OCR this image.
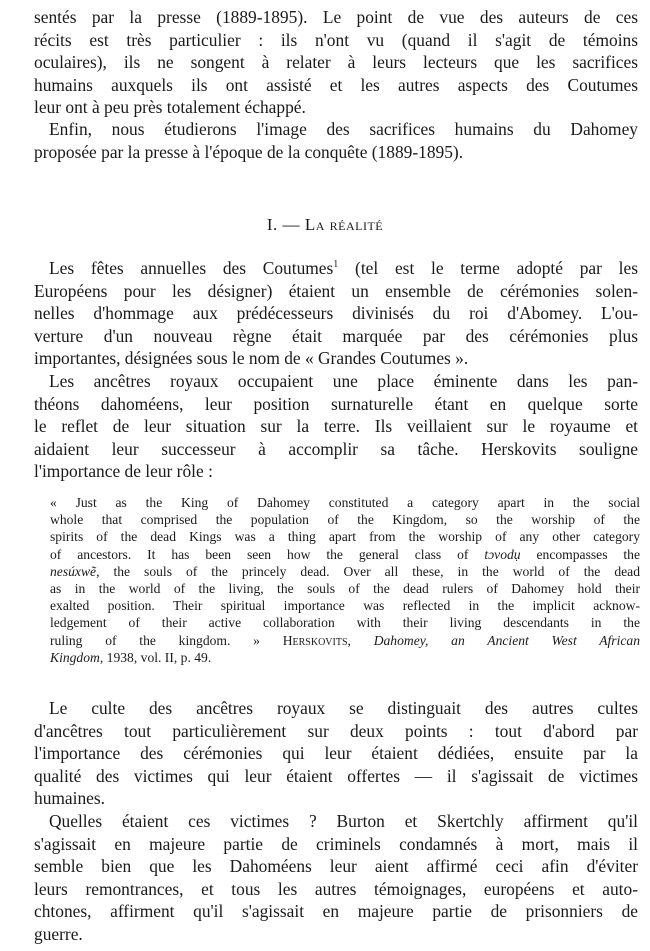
sentés par la presse (1889-1895). Le point de vue des auteurs de ces
récits est très particulier : ils n'ont vu (quand il s'agit de témoins
oculaires), ils ne songent à relater à leurs lecteurs que les sacrifices
humains auxquels ils ont assisté et les autres aspects des Coutumes
leur ont à peu près totalement échappé.
Enfin, nous étudierons l'image des sacrifices humains du Dahomey
proposée par la presse à l'époque de la conquête (1889-1895).
I. — La réalité
Les fêtes annuelles des Coutumes$^1$ (tel est le terme adopté par les
Européens pour les désigner) étaient un ensemble de cérémonies solen-
nelles d'hommage aux prédécesseurs divinisés du roi d'Abomey. L'ou-
verture d'un nouveau règne était marquée par des cérémonies plus
importantes, désignées sous le nom de « Grandes Coutumes ».
Les ancêtres royaux occupaient une place éminente dans les pan-
théons dahoméens, leur position surnaturelle étant en quelque sorte
le reflet de leur situation sur la terre. Ils veillaient sur le royaume et
aidaient leur successeur à accomplir sa tâche. Herskovits souligne
l'importance de leur rôle :
« Just as the King of Dahomey constituted a category apart in the social
whole that comprised the population of the Kingdom, so the worship of the
spirits of the dead Kings was a thing apart from the worship of any other category
of ancestors. It has been seen how the general class of tɔvodụ encompasses the
nesúxwẽ, the souls of the princely dead. Over all these, in the world of the dead
as in the world of the living, the souls of the dead rulers of Dahomey hold their
exalted position. Their spiritual importance was reflected in the implicit acknow-
ledgement of their active collaboration with their living descendants in the
ruling of the kingdom. » Herskovits, Dahomey, an Ancient West African
Kingdom, 1938, vol. II, p. 49.
Le culte des ancêtres royaux se distinguait des autres cultes
d'ancêtres tout particulièrement sur deux points : tout d'abord par
l'importance des cérémonies qui leur étaient dédiées, ensuite par la
qualité des victimes qui leur étaient offertes — il s'agissait de victimes
humaines.
Quelles étaient ces victimes ? Burton et Skertchly affirment qu'il
s'agissait en majeure partie de criminels condamnés à mort, mais il
semble bien que les Dahoméens leur aient affirmé ceci afin d'éviter
leurs remontrances, et tous les autres témoignages, européens et auto-
chtones, affirment qu'il s'agissait en majeure partie de prisonniers de
guerre.
